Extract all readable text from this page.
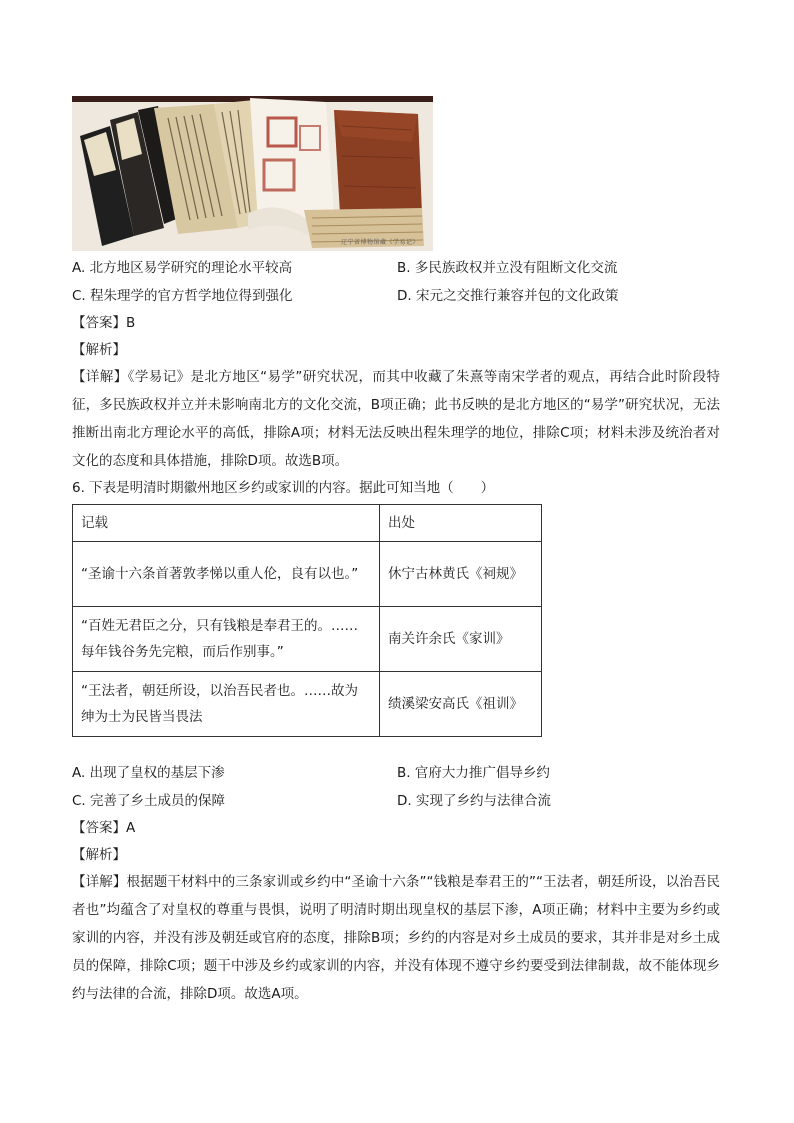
辽宁省博物馆藏《学易记》
A. 北方地区易学研究的理论水平较高	B. 多民族政权并立没有阻断文化交流
C. 程朱理学的官方哲学地位得到强化	D. 宋元之交推行兼容并包的文化政策
【答案】B
【解析】
【详解】《学易记》是北方地区“易学”研究状况，而其中收藏了朱熹等南宋学者的观点，再结合此时阶段特征，多民族政权并立并未影响南北方的文化交流，B项正确；此书反映的是北方地区的“易学”研究状况，无法推断出南北方理论水平的高低，排除A项；材料无法反映出程朱理学的地位，排除C项；材料未涉及统治者对文化的态度和具体措施，排除D项。故选B项。
6. 下表是明清时期徽州地区乡约或家训的内容。据此可知当地（　　）
记载	出处
“圣谕十六条首著敦孝悌以重人伦，良有以也。”	休宁古林黄氏《祠规》
“百姓无君臣之分，只有钱粮是奉君王的。……每年钱谷务先完粮，而后作别事。”	南关许余氏《家训》
“王法者，朝廷所设，以治吾民者也。……故为绅为士为民皆当畏法	绩溪梁安高氏《祖训》
A. 出现了皇权的基层下渗	B. 官府大力推广倡导乡约
C. 完善了乡土成员的保障	D. 实现了乡约与法律合流
【答案】A
【解析】
【详解】根据题干材料中的三条家训或乡约中“圣谕十六条”“钱粮是奉君王的”“王法者，朝廷所设，以治吾民者也”均蕴含了对皇权的尊重与畏惧，说明了明清时期出现皇权的基层下渗，A项正确；材料中主要为乡约或家训的内容，并没有涉及朝廷或官府的态度，排除B项；乡约的内容是对乡土成员的要求，其并非是对乡土成员的保障，排除C项；题干中涉及乡约或家训的内容，并没有体现不遵守乡约要受到法律制裁，故不能体现乡约与法律的合流，排除D项。故选A项。
